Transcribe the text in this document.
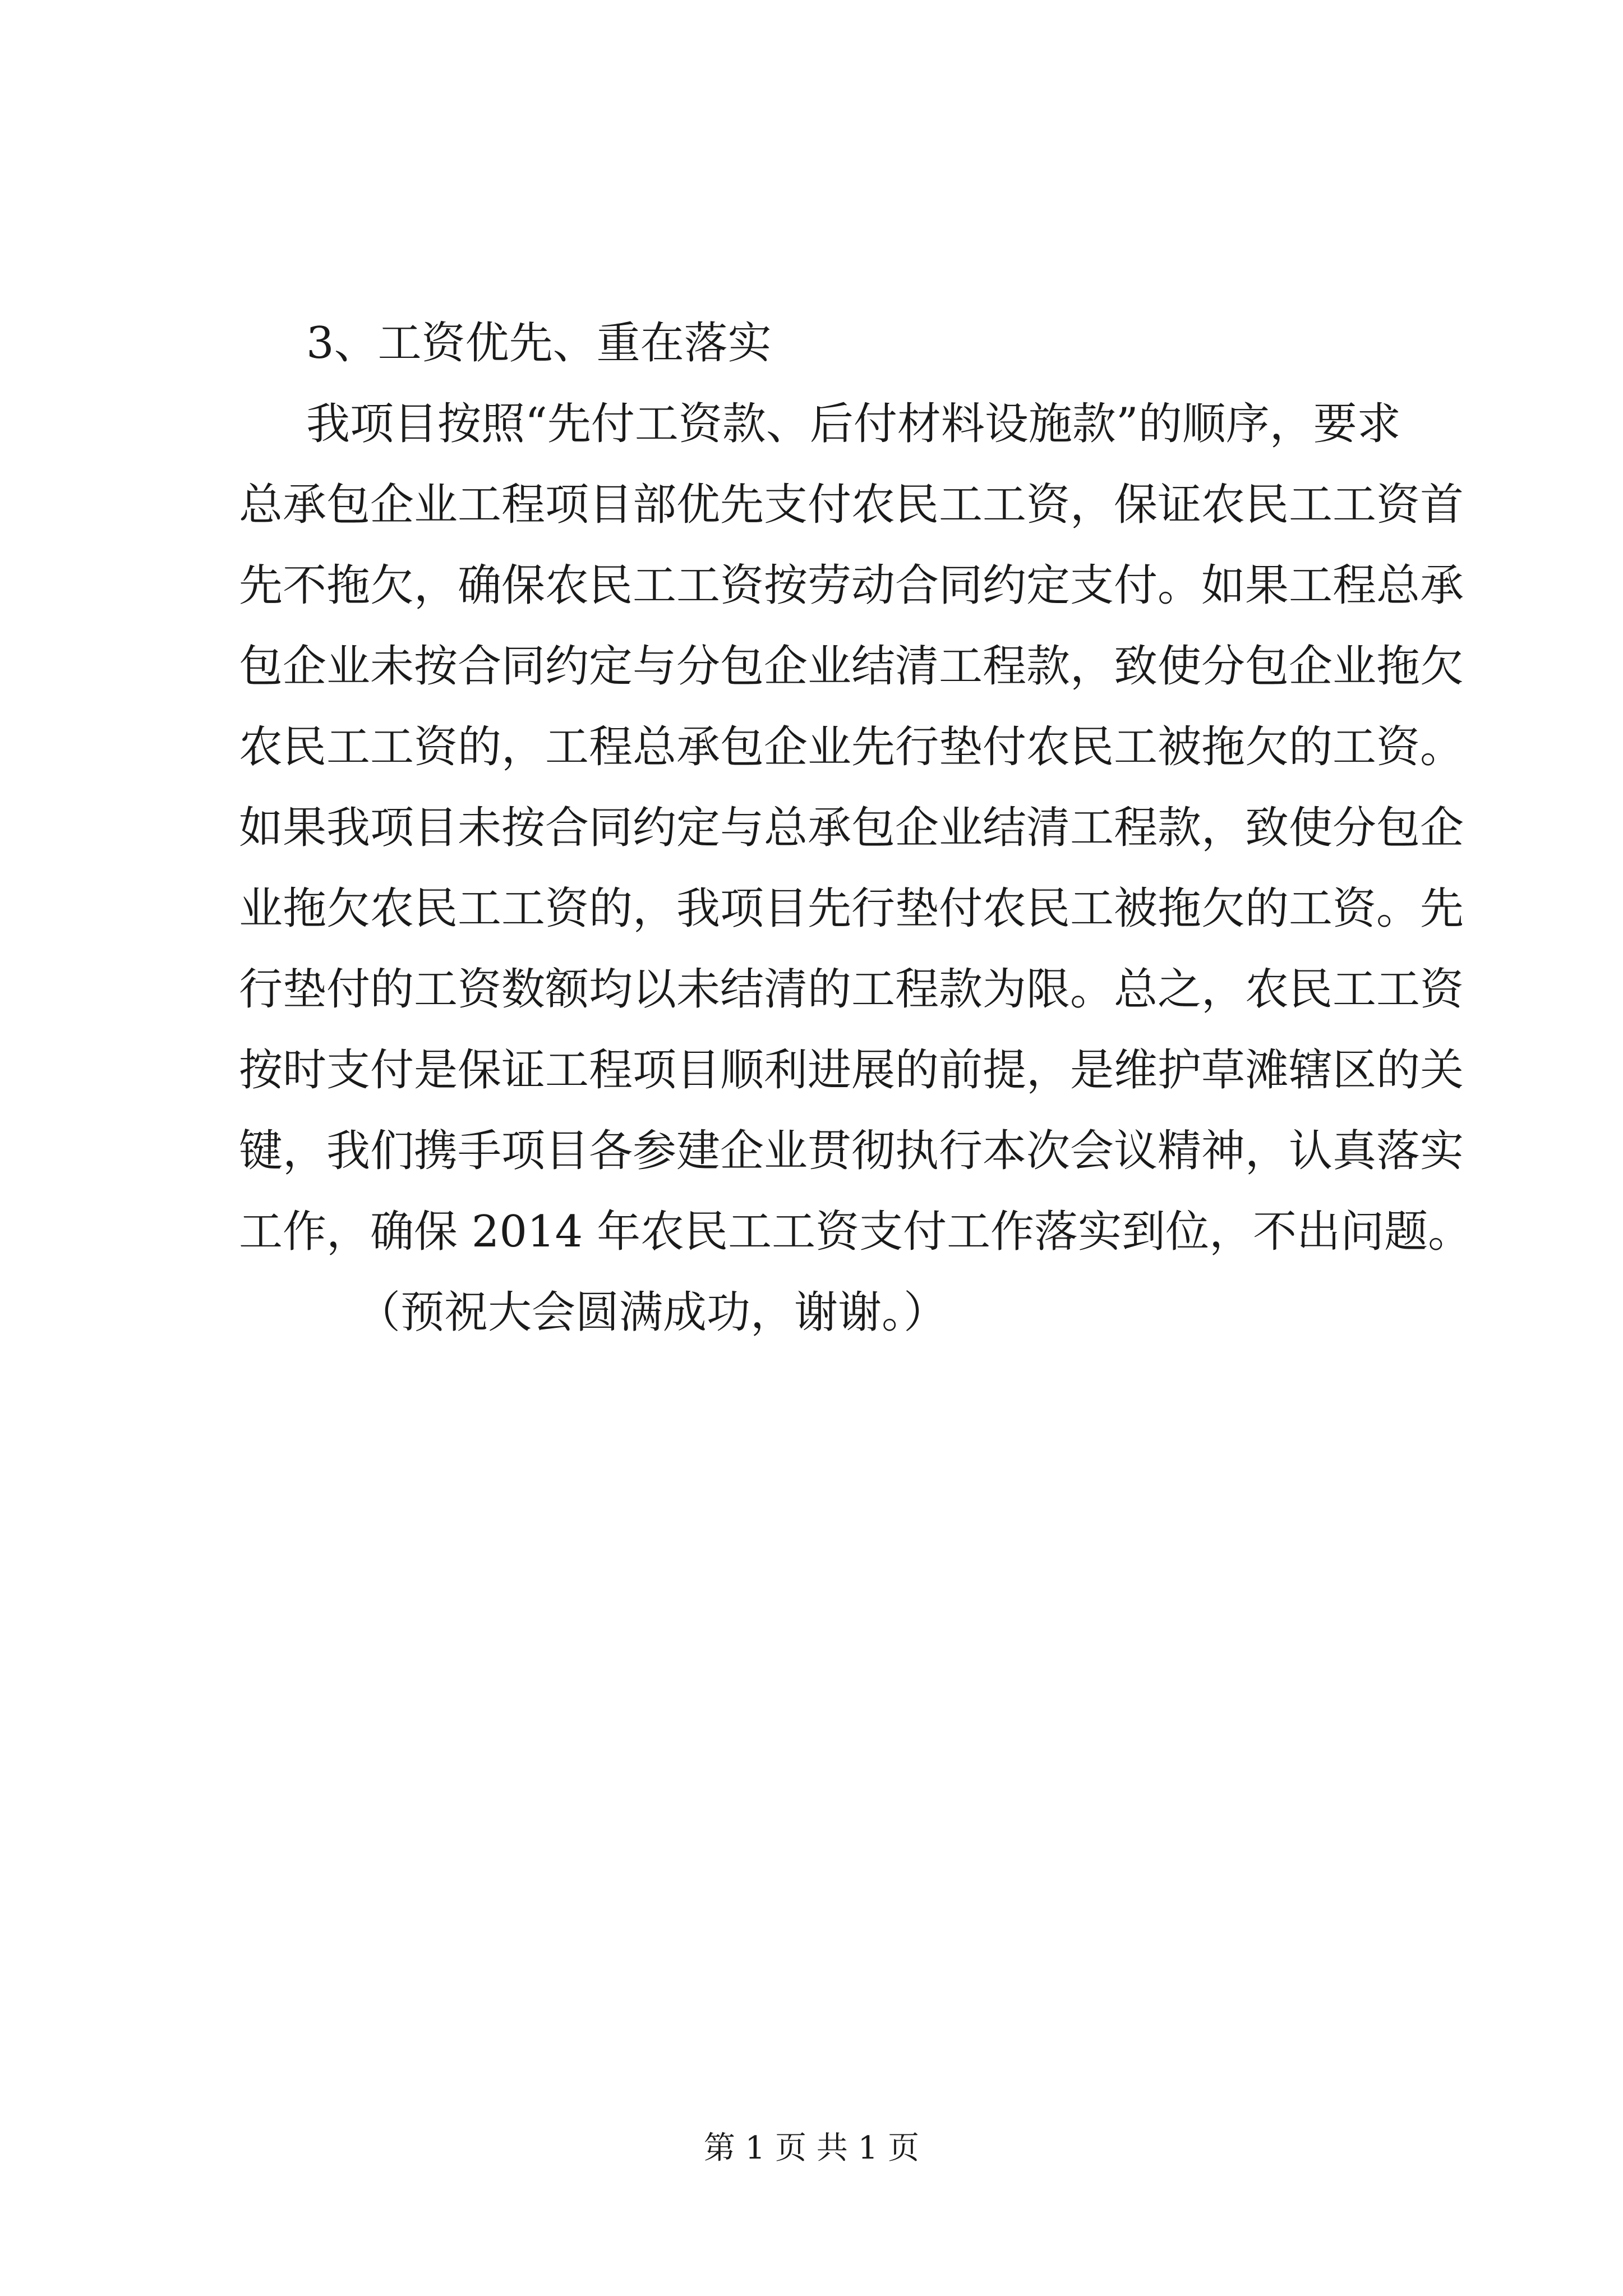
3、工资优先、重在落实
我项目按照“先付工资款、后付材料设施款”的顺序，要求
总承包企业工程项目部优先支付农民工工资，保证农民工工资首
先不拖欠，确保农民工工资按劳动合同约定支付。如果工程总承
包企业未按合同约定与分包企业结清工程款，致使分包企业拖欠
农民工工资的，工程总承包企业先行垫付农民工被拖欠的工资。
如果我项目未按合同约定与总承包企业结清工程款，致使分包企
业拖欠农民工工资的，我项目先行垫付农民工被拖欠的工资。先
行垫付的工资数额均以未结清的工程款为限。总之，农民工工资
按时支付是保证工程项目顺利进展的前提，是维护草滩辖区的关
键，我们携手项目各参建企业贯彻执行本次会议精神，认真落实
工作，确保 2014 年农民工工资支付工作落实到位，不出问题。
（预祝大会圆满成功，谢谢。）
第 1 页 共 1 页
